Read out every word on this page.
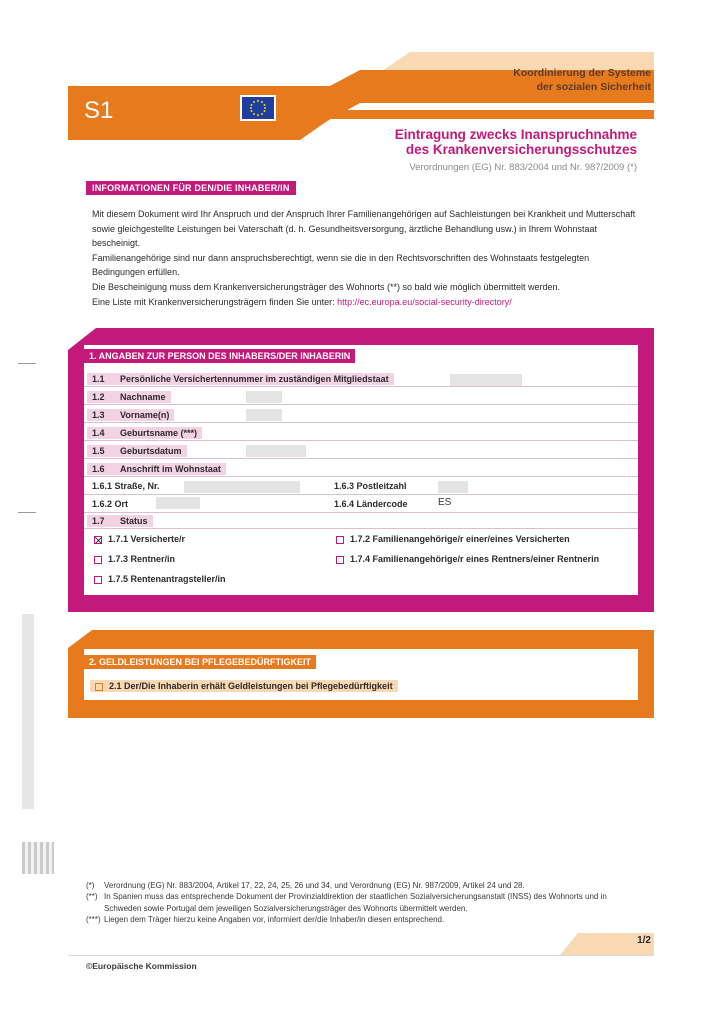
Koordinierung der Systeme
der sozialen Sicherheit
S1
Eintragung zwecks Inanspruchnahme
des Krankenversicherungsschutzes
Verordnungen (EG) Nr. 883/2004 und Nr. 987/2009 (*)
INFORMATIONEN FÜR DEN/DIE INHABER/IN

Mit diesem Dokument wird Ihr Anspruch und der Anspruch Ihrer Familienangehörigen auf Sachleistungen bei Krankheit und Mutterschaft sowie gleichgestellte Leistungen bei Vaterschaft (d. h. Gesundheitsversorgung, ärztliche Behandlung usw.) in Ihrem Wohnstaat bescheinigt.

Familienangehörige sind nur dann anspruchsberechtigt, wenn sie die in den Rechtsvorschriften des Wohnstaats festgelegten Bedingungen erfüllen.

Die Bescheinigung muss dem Krankenversicherungsträger des Wohnorts (**) so bald wie möglich übermittelt werden.

Eine Liste mit Krankenversicherungsträgern finden Sie unter: http://ec.europa.eu/social-security-directory/

1. ANGABEN ZUR PERSON DES INHABERS/DER INHABERIN
1.1 Persönliche Versichertennummer im zuständigen Mitgliedstaat
1.2 Nachname
1.3 Vorname(n)
1.4 Geburtsname (***)
1.5 Geburtsdatum
1.6 Anschrift im Wohnstaat
1.6.1 Straße, Nr.	1.6.3 Postleitzahl
1.6.2 Ort	1.6.4 Ländercode	ES
1.7 Status
1.7.1 Versicherte/r	1.7.2 Familienangehörige/r einer/eines Versicherten
1.7.3 Rentner/in	1.7.4 Familienangehörige/r eines Rentners/einer Rentnerin
1.7.5 Rentenantragsteller/in
2. GELDLEISTUNGEN BEI PFLEGEBEDÜRFTIGKEIT
2.1 Der/Die Inhaberin erhält Geldleistungen bei Pflegebedürftigkeit
(*)	Verordnung (EG) Nr. 883/2004, Artikel 17, 22, 24, 25, 26 und 34, und Verordnung (EG) Nr. 987/2009, Artikel 24 und 28.
(**) In Spanien muss das entsprechende Dokument der Provinzialdirektion der staatlichen Sozialversicherungsanstalt (INSS) des Wohnorts und in Schweden sowie Portugal dem jeweiligen Sozialversicherungsträger des Wohnorts übermittelt werden.
(***) Liegen dem Träger hierzu keine Angaben vor, informiert der/die Inhaber/in diesen entsprechend.
1/2
©Europäische Kommission
